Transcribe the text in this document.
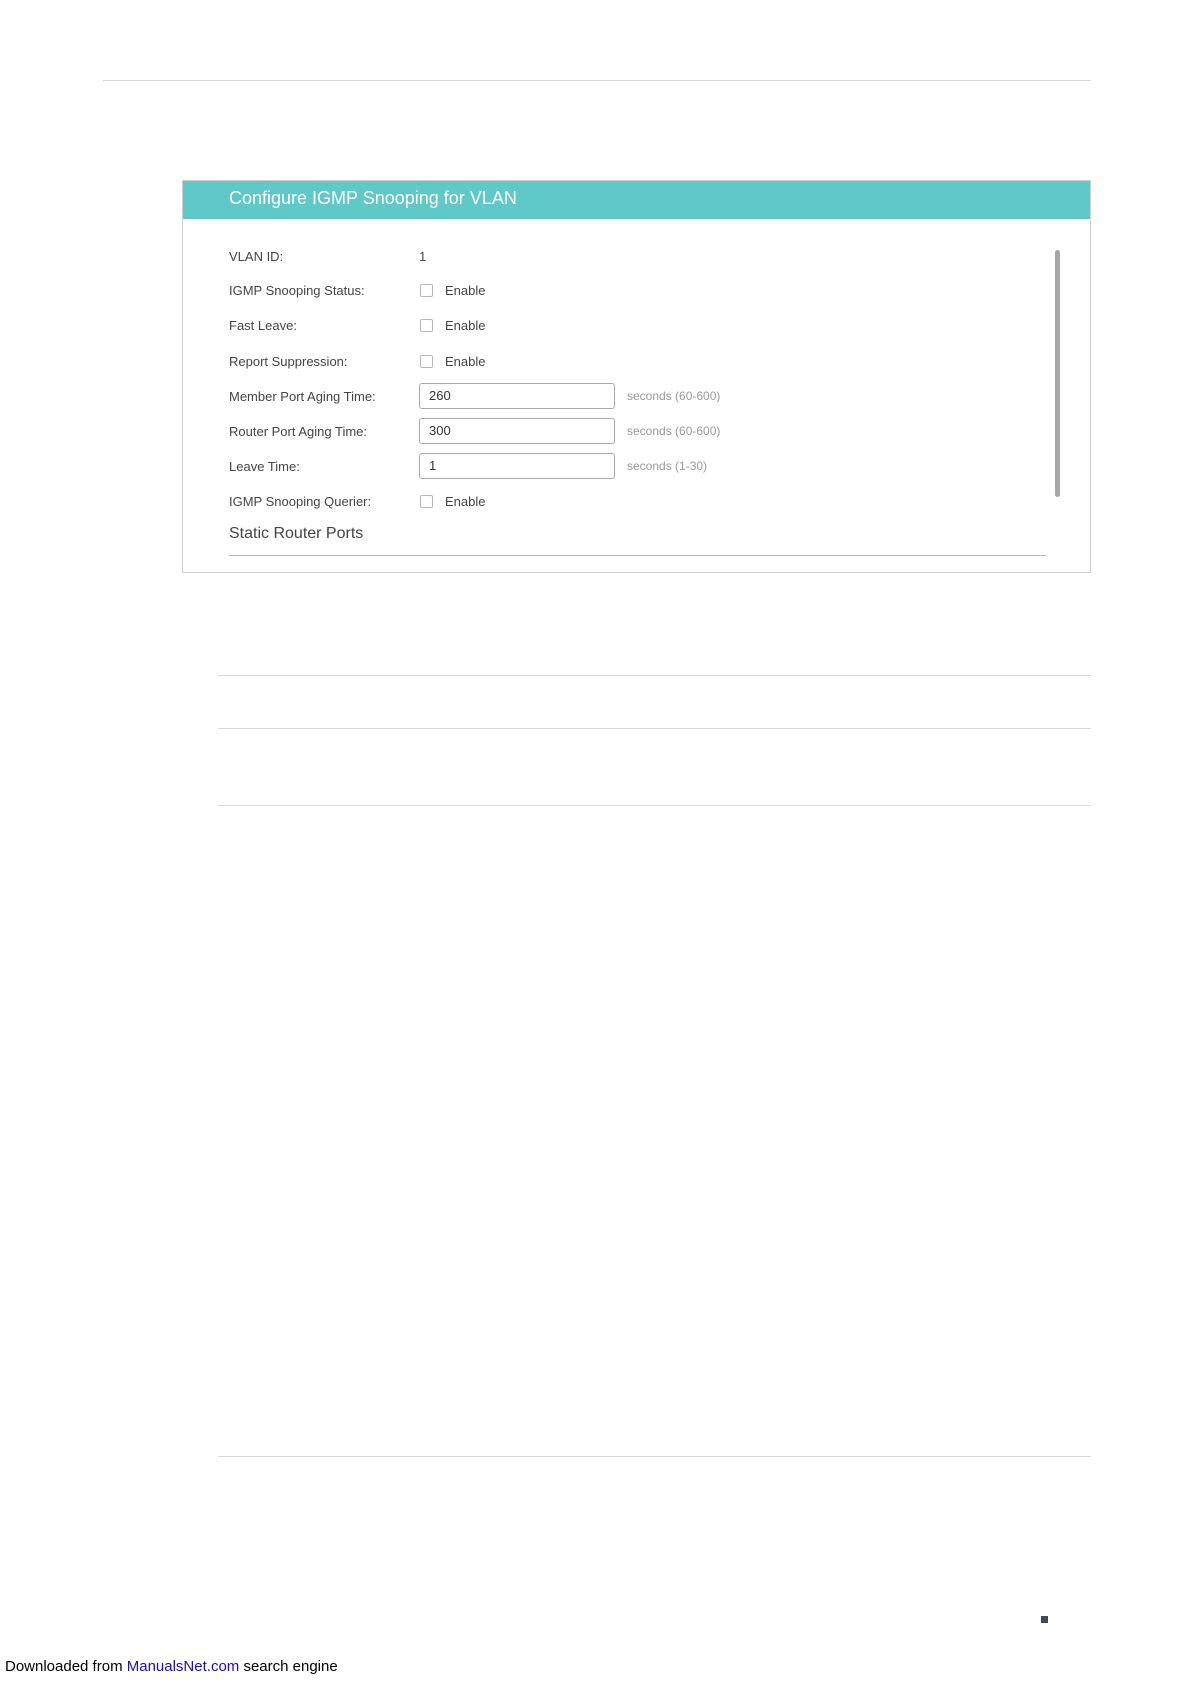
Configure IGMP Snooping for VLAN
VLAN ID:	1
IGMP Snooping Status:	Enable
Fast Leave:	Enable
Report Suppression:	Enable
Member Port Aging Time:	260	seconds (60-600)
Router Port Aging Time:	300	seconds (60-600)
Leave Time:	1	seconds (1-30)
IGMP Snooping Querier:	Enable
Static Router Ports
Downloaded from ManualsNet.com search engine
